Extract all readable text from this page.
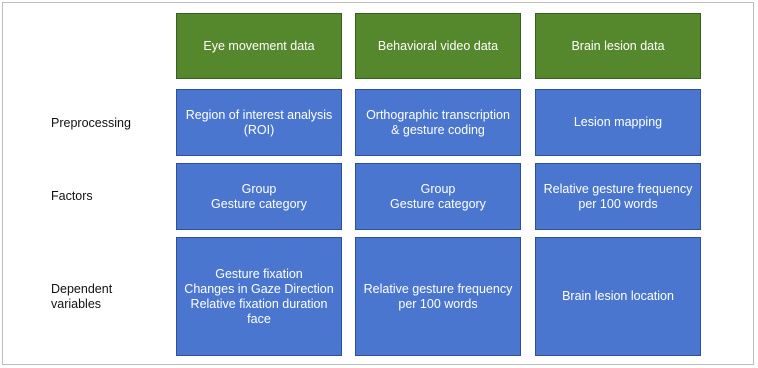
Eye movement data	Behavioral video data	Brain lesion data
Preprocessing
Factors
Dependent
variables
Region of interest analysis
(ROI)
Orthographic transcription
& gesture coding
Lesion mapping
Group
Gesture category
Group
Gesture category
Relative gesture frequency
per 100 words
Gesture fixation
Changes in Gaze Direction
Relative fixation duration
face
Relative gesture frequency
per 100 words
Brain lesion location
